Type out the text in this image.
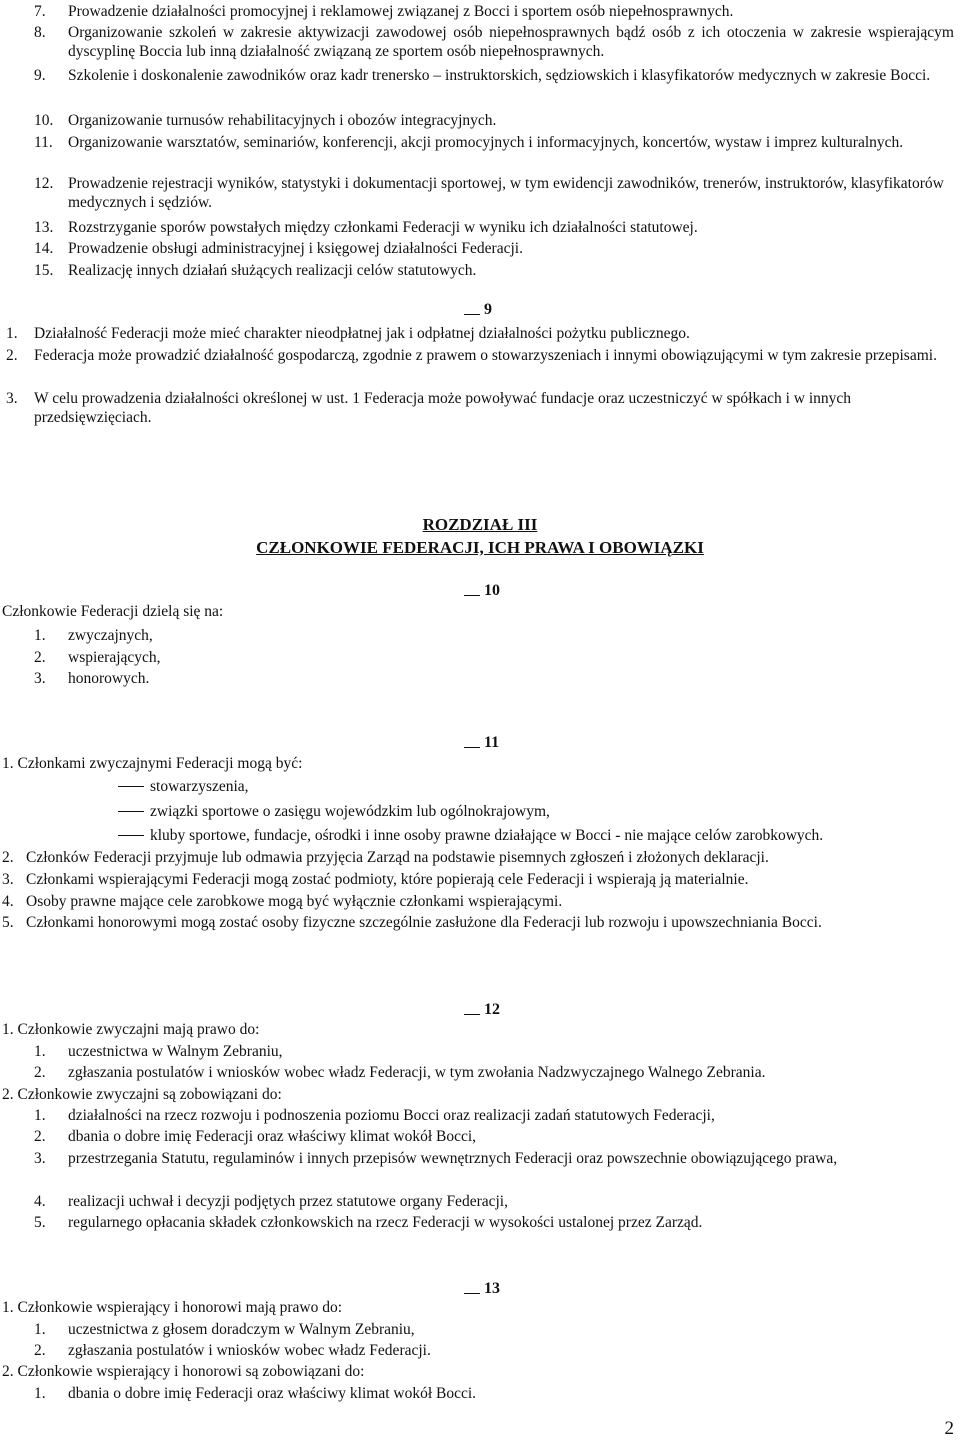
7.	Prowadzenie działalności promocyjnej i reklamowej związanej z Bocci i sportem osób niepełnosprawnych.
8.	Organizowanie szkoleń w zakresie aktywizacji zawodowej osób niepełnosprawnych bądź osób z ich otoczenia w zakresie wspierającym dyscyplinę Boccia lub inną działalność związaną ze sportem osób niepełnosprawnych.
9.	Szkolenie i doskonalenie zawodników oraz kadr trenersko – instruktorskich, sędziowskich i klasyfikatorów medycznych w zakresie Bocci.
10. Organizowanie turnusów rehabilitacyjnych i obozów integracyjnych.
11. Organizowanie warsztatów, seminariów, konferencji, akcji promocyjnych i informacyjnych, koncertów, wystaw i imprez kulturalnych.
12. Prowadzenie rejestracji wyników, statystyki i dokumentacji sportowej, w tym ewidencji zawodników, trenerów, instruktorów, klasyfikatorów medycznych i sędziów.
13. Rozstrzyganie sporów powstałych między członkami Federacji w wyniku ich działalności statutowej.
14. Prowadzenie obsługi administracyjnej i księgowej działalności Federacji.
15. Realizację innych działań służących realizacji celów statutowych.
9
1.	Działalność Federacji może mieć charakter nieodpłatnej jak i odpłatnej działalności pożytku publicznego.
2.	Federacja może prowadzić działalność gospodarczą, zgodnie z prawem o stowarzyszeniach i innymi obowiązującymi w tym zakresie przepisami.
3.	W celu prowadzenia działalności określonej w ust. 1 Federacja może powoływać fundacje oraz uczestniczyć w spółkach i w innych przedsięwzięciach.
ROZDZIAŁ III
CZŁONKOWIE FEDERACJI, ICH PRAWA I OBOWIĄZKI
10
Członkowie Federacji dzielą się na:
1.	zwyczajnych,
2.	wspierających,
3.	honorowych.
11
1. Członkami zwyczajnymi Federacji mogą być:
stowarzyszenia,
związki sportowe o zasięgu wojewódzkim lub ogólnokrajowym,
kluby sportowe, fundacje, ośrodki i inne osoby prawne działające w Bocci - nie mające celów zarobkowych.
2. Członków Federacji przyjmuje lub odmawia przyjęcia Zarząd na podstawie pisemnych zgłoszeń i złożonych deklaracji.
3. Członkami wspierającymi Federacji mogą zostać podmioty, które popierają cele Federacji i wspierają ją materialnie.
4. Osoby prawne mające cele zarobkowe mogą być wyłącznie członkami wspierającymi.
5. Członkami honorowymi mogą zostać osoby fizyczne szczególnie zasłużone dla Federacji lub rozwoju i upowszechniania Bocci.
12
1. Członkowie zwyczajni mają prawo do:
1.	uczestnictwa w Walnym Zebraniu,
2.	zgłaszania postulatów i wniosków wobec władz Federacji, w tym zwołania Nadzwyczajnego Walnego Zebrania.
2. Członkowie zwyczajni są zobowiązani do:
1.	działalności na rzecz rozwoju i podnoszenia poziomu Bocci oraz realizacji zadań statutowych Federacji,
2.	dbania o dobre imię Federacji oraz właściwy klimat wokół Bocci,
3.	przestrzegania Statutu, regulaminów i innych przepisów wewnętrznych Federacji oraz powszechnie obowiązującego prawa,
4.	realizacji uchwał i decyzji podjętych przez statutowe organy Federacji,
5.	regularnego opłacania składek członkowskich na rzecz Federacji w wysokości ustalonej przez Zarząd.
13
1. Członkowie wspierający i honorowi mają prawo do:
1.	uczestnictwa z głosem doradczym w Walnym Zebraniu,
2.	zgłaszania postulatów i wniosków wobec władz Federacji.
2. Członkowie wspierający i honorowi są zobowiązani do:
1.	dbania o dobre imię Federacji oraz właściwy klimat wokół Bocci.
2
